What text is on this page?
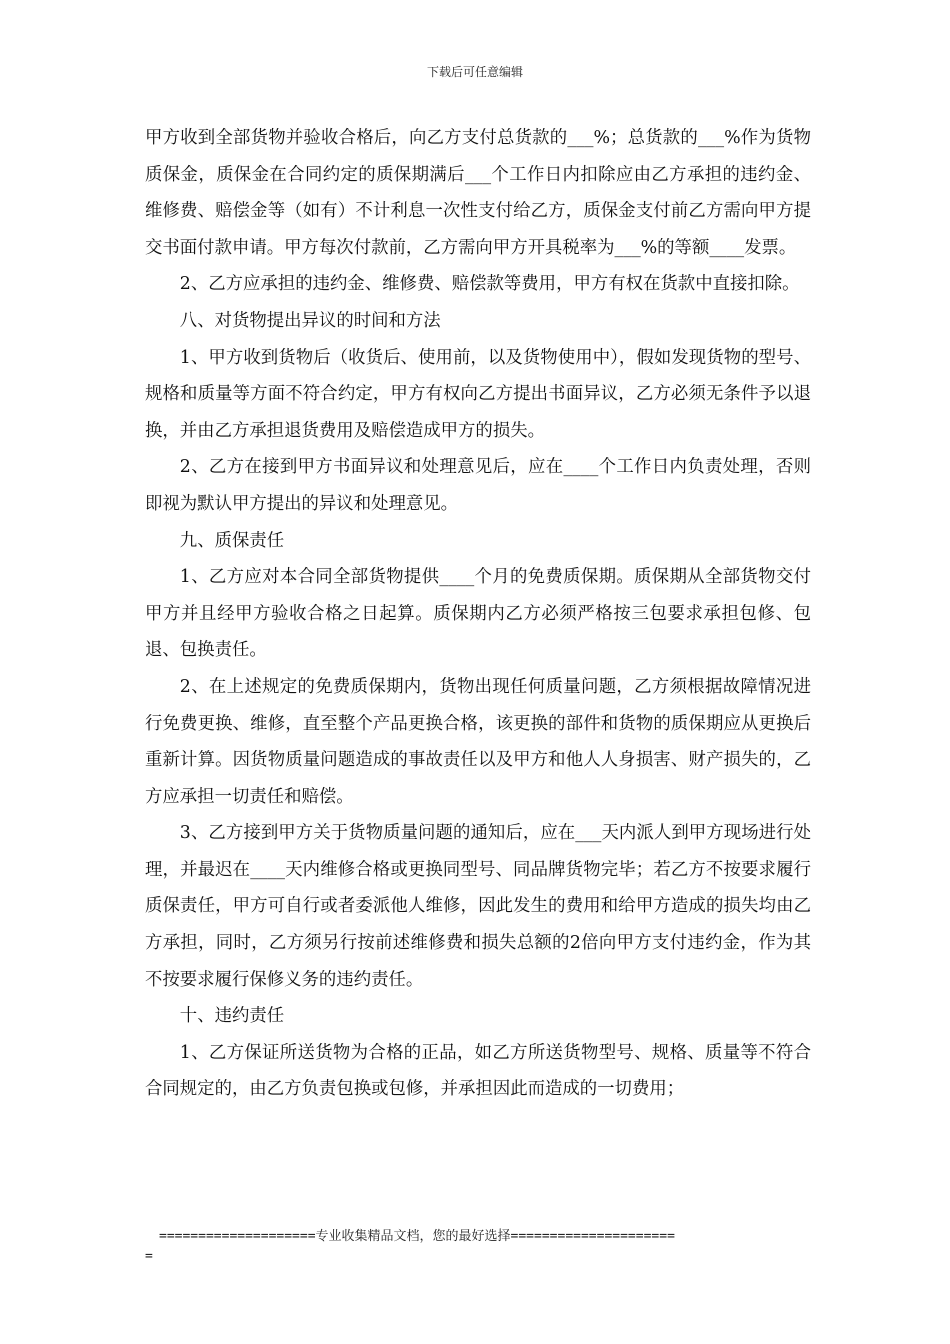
下载后可任意编辑

甲方收到全部货物并验收合格后，向乙方支付总货款的___%；总货款的___%作为货物质保金，质保金在合同约定的质保期满后___个工作日内扣除应由乙方承担的违约金、维修费、赔偿金等（如有）不计利息一次性支付给乙方，质保金支付前乙方需向甲方提交书面付款申请。甲方每次付款前，乙方需向甲方开具税率为___%的等额____发票。

2、乙方应承担的违约金、维修费、赔偿款等费用，甲方有权在货款中直接扣除。

八、对货物提出异议的时间和方法

1、甲方收到货物后（收货后、使用前，以及货物使用中），假如发现货物的型号、规格和质量等方面不符合约定，甲方有权向乙方提出书面异议，乙方必须无条件予以退换，并由乙方承担退货费用及赔偿造成甲方的损失。

2、乙方在接到甲方书面异议和处理意见后，应在____个工作日内负责处理，否则即视为默认甲方提出的异议和处理意见。

九、质保责任

1、乙方应对本合同全部货物提供____个月的免费质保期。质保期从全部货物交付甲方并且经甲方验收合格之日起算。质保期内乙方必须严格按三包要求承担包修、包退、包换责任。

2、在上述规定的免费质保期内，货物出现任何质量问题，乙方须根据故障情况进行免费更换、维修，直至整个产品更换合格，该更换的部件和货物的质保期应从更换后重新计算。因货物质量问题造成的事故责任以及甲方和他人人身损害、财产损失的，乙方应承担一切责任和赔偿。

3、乙方接到甲方关于货物质量问题的通知后，应在___天内派人到甲方现场进行处理，并最迟在____天内维修合格或更换同型号、同品牌货物完毕；若乙方不按要求履行质保责任，甲方可自行或者委派他人维修，因此发生的费用和给甲方造成的损失均由乙方承担，同时，乙方须另行按前述维修费和损失总额的2倍向甲方支付违约金，作为其不按要求履行保修义务的违约责任。

十、违约责任

1、乙方保证所送货物为合格的正品，如乙方所送货物型号、规格、质量等不符合合同规定的，由乙方负责包换或包修，并承担因此而造成的一切费用；

====================专业收集精品文档，您的最好选择=====================
=
